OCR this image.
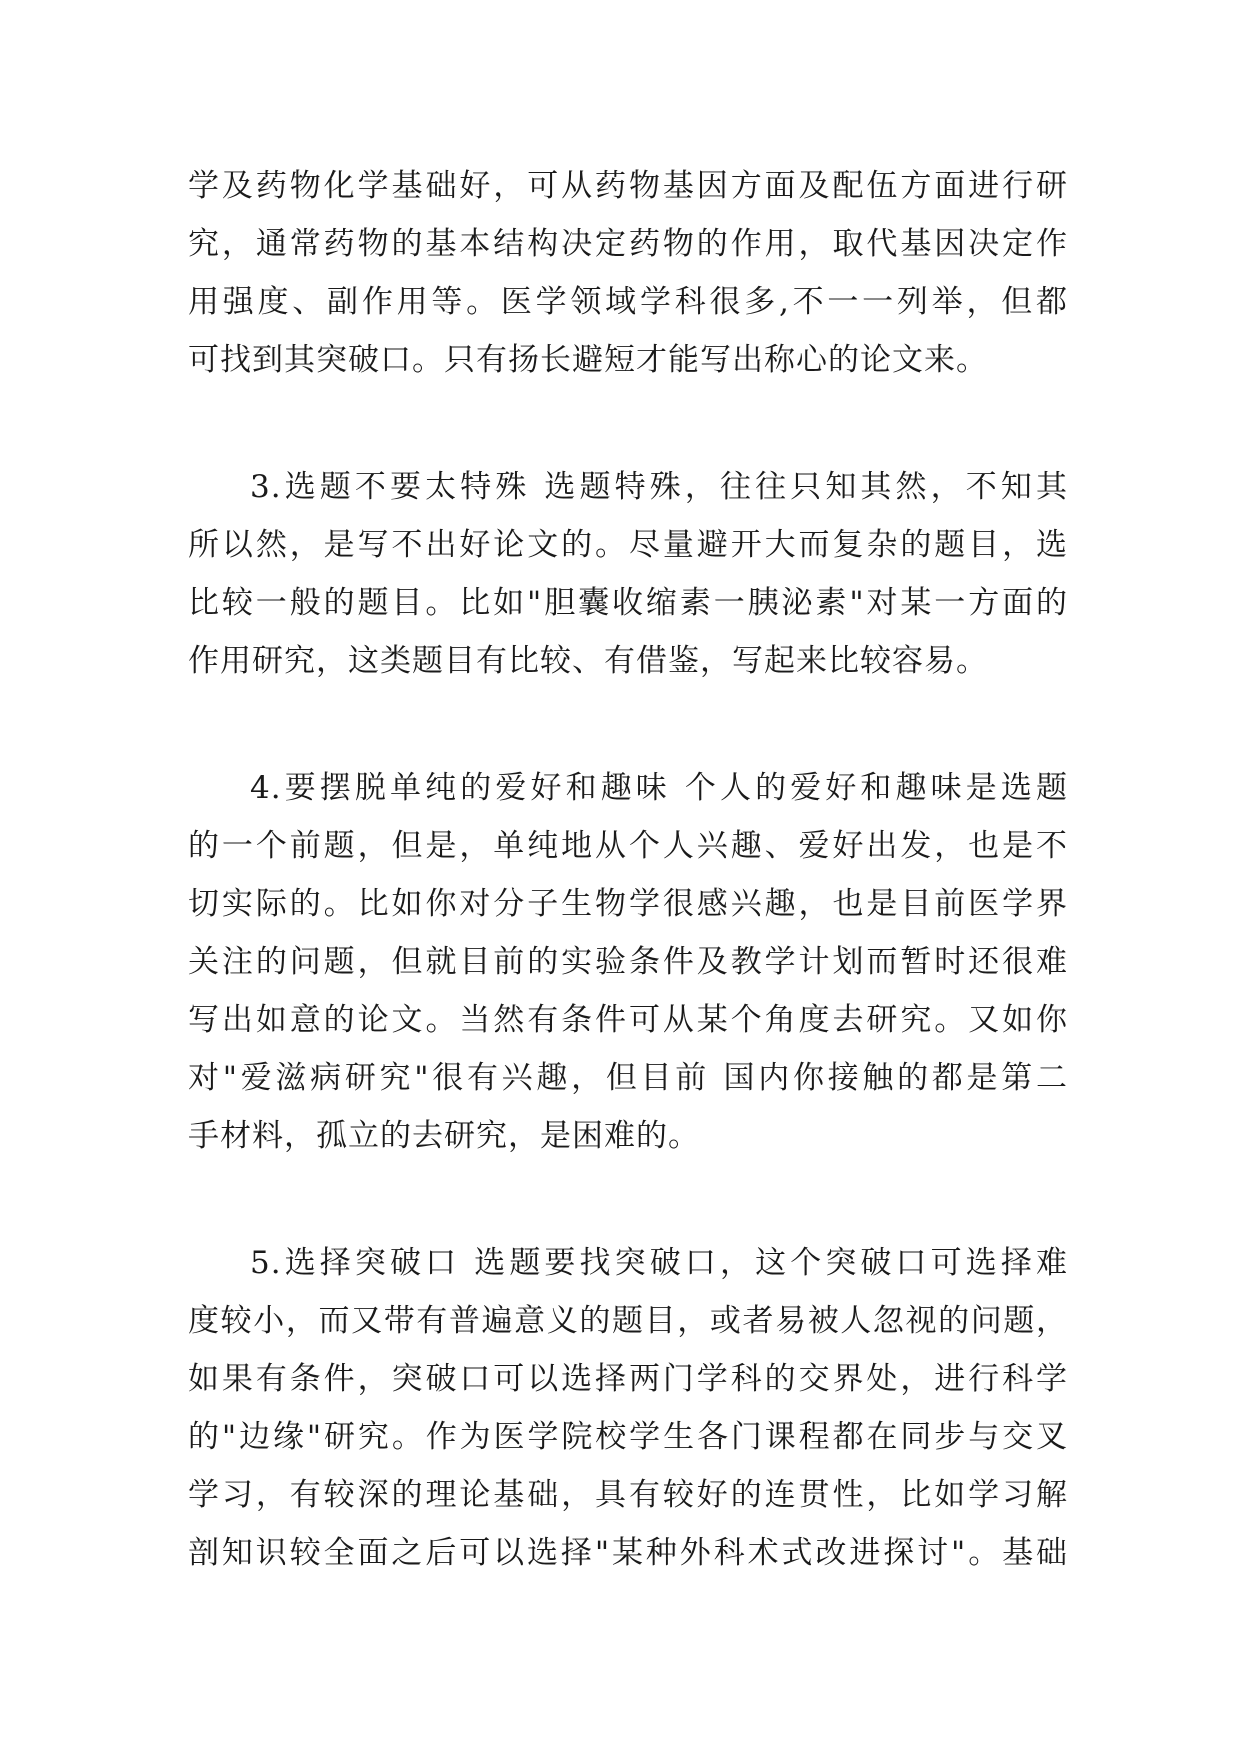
学及药物化学基础好，可从药物基因方面及配伍方面进行研
究，通常药物的基本结构决定药物的作用，取代基因决定作
用强度、副作用等。医学领域学科很多,不一一列举，但都
可找到其突破口。只有扬长避短才能写出称心的论文来。
3.选题不要太特殊 选题特殊，往往只知其然，不知其
所以然，是写不出好论文的。尽量避开大而复杂的题目，选
比较一般的题目。比如"胆囊收缩素一胰泌素"对某一方面的
作用研究，这类题目有比较、有借鉴，写起来比较容易。
4.要摆脱单纯的爱好和趣味 个人的爱好和趣味是选题
的一个前题，但是，单纯地从个人兴趣、爱好出发，也是不
切实际的。比如你对分子生物学很感兴趣，也是目前医学界
关注的问题，但就目前的实验条件及教学计划而暂时还很难
写出如意的论文。当然有条件可从某个角度去研究。又如你
对"爱滋病研究"很有兴趣，但目前 国内你接触的都是第二
手材料，孤立的去研究，是困难的。
5.选择突破口 选题要找突破口，这个突破口可选择难
度较小，而又带有普遍意义的题目，或者易被人忽视的问题，
如果有条件，突破口可以选择两门学科的交界处，进行科学
的"边缘"研究。作为医学院校学生各门课程都在同步与交叉
学习，有较深的理论基础，具有较好的连贯性，比如学习解
剖知识较全面之后可以选择"某种外科术式改进探讨"。基础
